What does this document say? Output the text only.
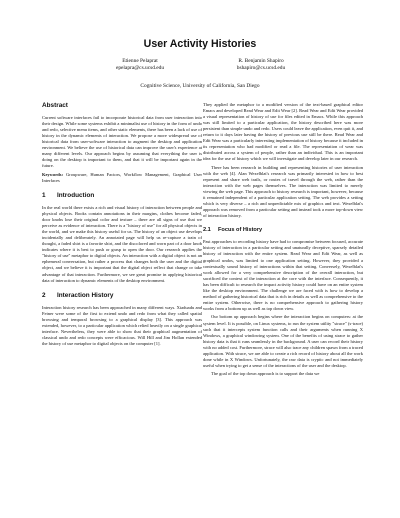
User Activity Histories
Etienne Pelaprat
epelapra@cs.ucsd.edu
R. Benjamin Shapiro
bshapiro@cs.ucsd.edu
Cognitive Science, University of California, San Diego
Abstract

Current software interfaces fail to incorporate historical data from user interaction into their design. While some systems exhibit a minimalist use of history in the form of undo and redo, selective menu items, and other static elements, there has been a lack of use of history in the dynamic elements of interaction. We propose a more widespread use of historical data from user-software interaction to augment the desktop and application environment. We believe the use of historical data can improve the user's experience at many different levels. Our approach begins by assuming that everything the user is doing on the desktop is important to them, and that it will be important again in the future.

Keywords: Groupware, Human Factors, Workflow Management, Graphical User Interfaces

1 Introduction

In the real world there exists a rich and visual history of interaction between people and physical objects. Books contain annotations in their margins, clothes become faded, door knobs lose their original color and texture – there are all signs of use that we perceive as evidence of interaction. There is a "history of use" for all physical objects in the world, and we make this history useful for us. The history of an object use develops incidentally and deliberately. An annotated page will help us re-capture a train of thought, a faded shirt is a favorite shirt, and the discolored and worn part of a door knob indicates where it is best to push or grasp to open the door. Our research applies the "history of use" metaphor to digital objects. An interaction with a digital object is not an ephemeral conversation, but rather a process that changes both the user and the digital object, and we believe it is important that the digital object reflect that change or take advantage of that interaction. Furthermore, we see great promise in applying historical data of interaction to dynamic elements of the desktop environment.

2 Interaction History

Interaction history research has been approached in many different ways. Xiaduadu and Feiner were some of the first to extend undo and redo from what they called spatial browsing and temporal browsing to a graphical display [3]. This approach was extended, however, to a particular application which relied heavily on a single graphical interface. Nevertheless, they were able to show that their graphical augmentation of classical undo and redo concepts were efficacious. Will Hill and Jim Hollan extended the history of use metaphor to digital objects on the computer [1].

They applied the metaphor to a modified version of the text-based graphical editor Emacs and developed Read Wear and Edit Wear [2]. Read Wear and Edit Wear provided a visual representation of history of use for files edited in Emacs. While this approach was still limited to a particular application, the history described here was more persistent than simple undo and redo. Users could leave the application, even quit it, and return to it days later having the history of previous use still be there. Read Wear and Edit Wear was a particularly interesting implementation of history because it included in its representation who had modified or read a file. The representation of wear was distributed across a system of people, rather than an individual. This is an important idea for the use of history which we will investigate and develop later in our research.

There has been research in building and representing histories of user interaction with the web [4]. Alan Wexelblat's research was primarily interested in how to best represent and share web trails, or routes of travel through the web, rather than the interaction with the web pages themselves. The interaction was limited to merely viewing the web page. This approach to history research is important, however, because it remained independent of a particular application setting. The web provides a setting which is very diverse – a rich and unpredictable mix of graphics and text. Wexelblat's approach was removed from a particular setting and instead took a more top-down view of interaction history.

2.1 Focus of History

Past approaches to recording history have had to compromise between focused, accurate history of interaction in a particular setting and unaturally deceptive, sparsely detailed history of interaction with the entire system. Read Wear and Edit Wear, as well as graphical undos, was limited to one application setting. However, they provided a contextually sound history of interactions within that setting. Conversely, Wexelblat's work allowed for a very comprehensive description of the overall interaction, but sacrificed the context of the interaction at the core with the interface. Consequently, it has been difficult to research the impact activity history could have on an entire system like the desktop environment. The challenge we are faced with is how to develop a method of gathering historical data that is rich in details as well as comprehensive to the entire system. Otherwise, there is no comprehensive approach to gathering history works from a bottom up as well as top down view.

Our bottom up approach begins where the interaction begins on computers: at the system level. It is possible, on Linux systems, to run the system utility "strace" (s-trace) such that it intercepts system function calls and their arguments when running X Windows, a graphical windowing system. One of the benefits of using strace to gather history data is that it runs seamlessly in the background. A user can record their history with no added cost. Furthermore, strace will also trace any children spawn from a traced application. With strace, we are able to create a rich record of history about all the work done while in X Windows. Unfortunately, the raw data is cryptic and not immediately useful when trying to get a sense of the interactions of the user and the desktop.

The goal of the top down approach is to support the data we
